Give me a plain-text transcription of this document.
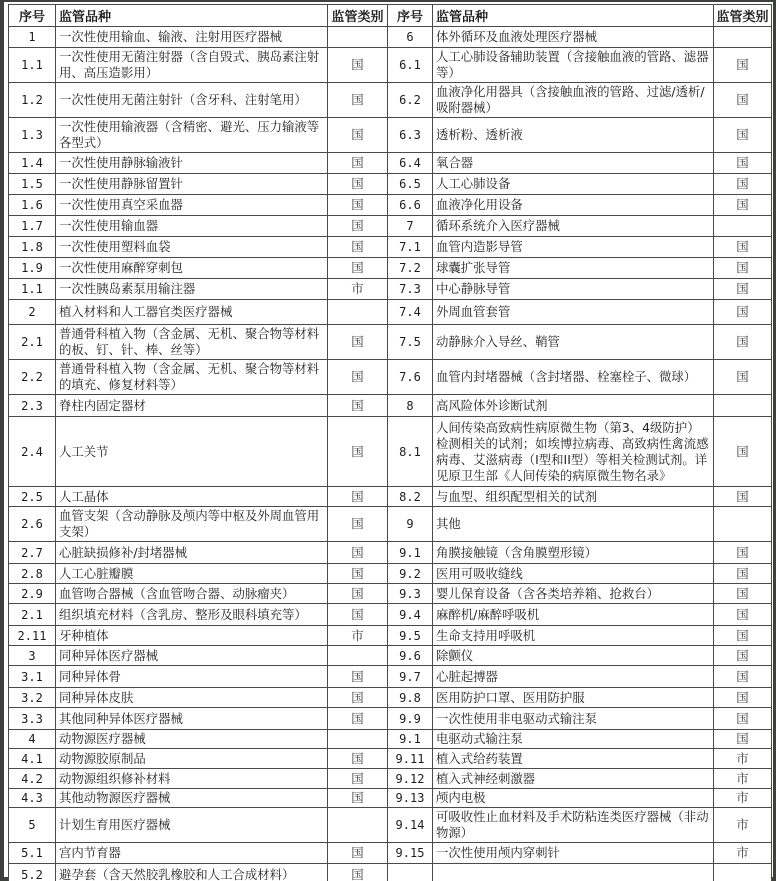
序号	监管品种	监管类别	序号	监管品种	监管类别
1	一次性使用输血、输液、注射用医疗器械		6	体外循环及血液处理医疗器械	
1.1	一次性使用无菌注射器（含自毁式、胰岛素注射用、高压造影用）	国	6.1	人工心肺设备辅助装置（含接触血液的管路、滤器等）	国
1.2	一次性使用无菌注射针（含牙科、注射笔用）	国	6.2	血液净化用器具（含接触血液的管路、过滤/透析/吸附器械）	国
1.3	一次性使用输液器（含精密、避光、压力输液等各型式）	国	6.3	透析粉、透析液	国
1.4	一次性使用静脉输液针	国	6.4	氧合器	国
1.5	一次性使用静脉留置针	国	6.5	人工心肺设备	国
1.6	一次性使用真空采血器	国	6.6	血液净化用设备	国
1.7	一次性使用输血器	国	7	循环系统介入医疗器械	
1.8	一次性使用塑料血袋	国	7.1	血管内造影导管	国
1.9	一次性使用麻醉穿刺包	国	7.2	球囊扩张导管	国
1.1	一次性胰岛素泵用输注器	市	7.3	中心静脉导管	国
2	植入材料和人工器官类医疗器械		7.4	外周血管套管	国
2.1	普通骨科植入物（含金属、无机、聚合物等材料的板、钉、针、棒、丝等）	国	7.5	动静脉介入导丝、鞘管	国
2.2	普通骨科植入物（含金属、无机、聚合物等材料的填充、修复材料等）	国	7.6	血管内封堵器械（含封堵器、栓塞栓子、微球）	国
2.3	脊柱内固定器材	国	8	高风险体外诊断试剂	
2.4	人工关节	国	8.1	人间传染高致病性病原微生物（第3、4级防护）检测相关的试剂；如埃博拉病毒、高致病性禽流感病毒、艾滋病毒（I型和II型）等相关检测试剂。详见原卫生部《人间传染的病原微生物名录》	国
2.5	人工晶体	国	8.2	与血型、组织配型相关的试剂	国
2.6	血管支架（含动静脉及颅内等中枢及外周血管用支架）	国	9	其他	
2.7	心脏缺损修补/封堵器械	国	9.1	角膜接触镜（含角膜塑形镜）	国
2.8	人工心脏瓣膜	国	9.2	医用可吸收缝线	国
2.9	血管吻合器械（含血管吻合器、动脉瘤夹）	国	9.3	婴儿保育设备（含各类培养箱、抢救台）	国
2.1	组织填充材料（含乳房、整形及眼科填充等）	国	9.4	麻醉机/麻醉呼吸机	国
2.11	牙种植体	市	9.5	生命支持用呼吸机	国
3	同种异体医疗器械		9.6	除颤仪	国
3.1	同种异体骨	国	9.7	心脏起搏器	国
3.2	同种异体皮肤	国	9.8	医用防护口罩、医用防护服	国
3.3	其他同种异体医疗器械	国	9.9	一次性使用非电驱动式输注泵	国
4	动物源医疗器械		9.1	电驱动式输注泵	国
4.1	动物源胶原制品	国	9.11	植入式给药装置	市
4.2	动物源组织修补材料	国	9.12	植入式神经刺激器	市
4.3	其他动物源医疗器械	国	9.13	颅内电极	市
5	计划生育用医疗器械		9.14	可吸收性止血材料及手术防粘连类医疗器械（非动物源）	市
5.1	宫内节育器	国	9.15	一次性使用颅内穿刺针	市
5.2	避孕套（含天然胶乳橡胶和人工合成材料）	国			
